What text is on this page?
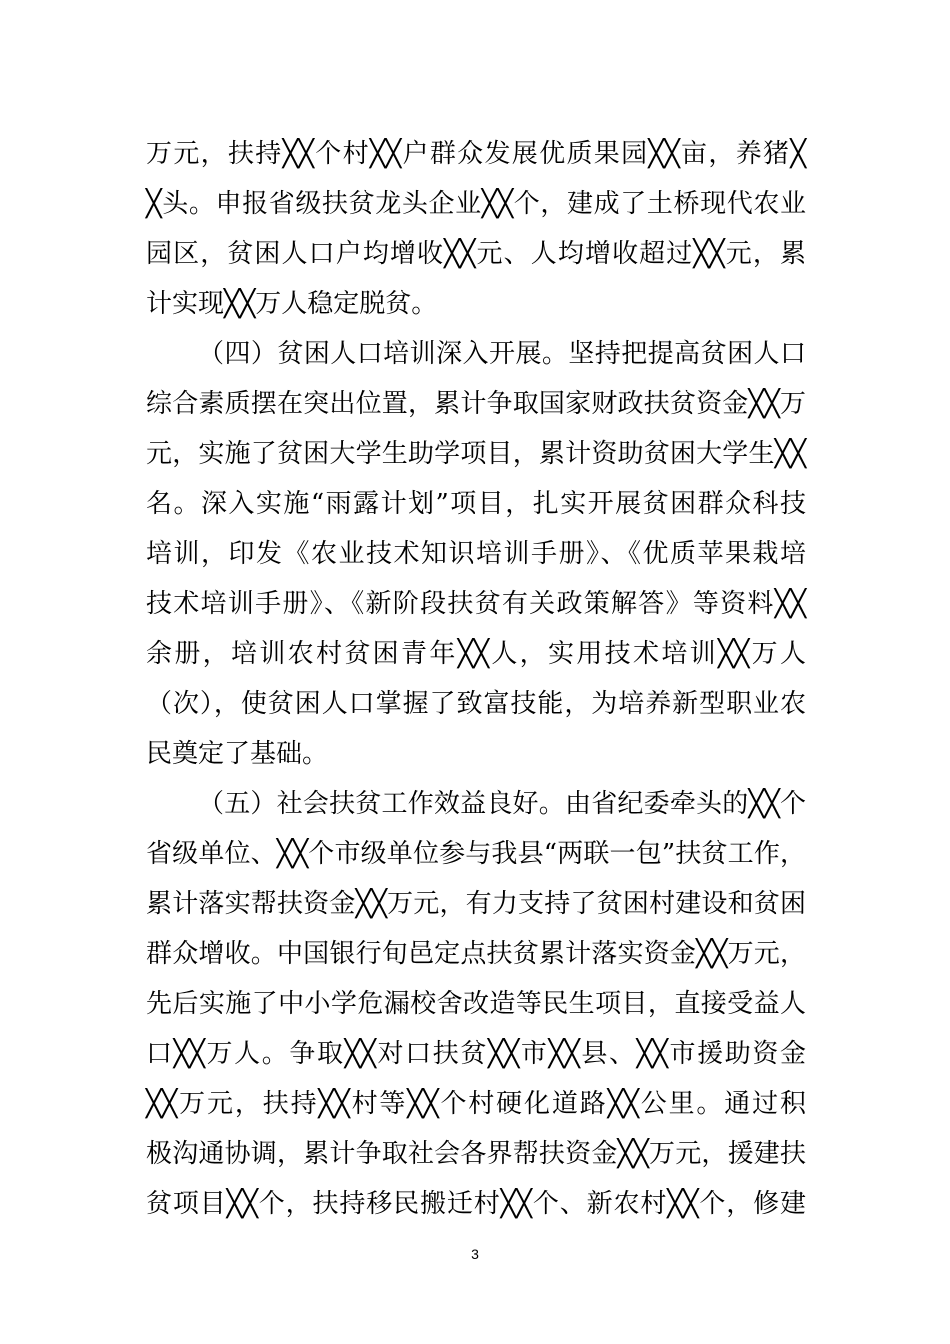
万元，扶持╳╳个村╳╳户群众发展优质果园╳╳亩，养猪╳
╳头。申报省级扶贫龙头企业╳╳个，建成了土桥现代农业
园区，贫困人口户均增收╳╳元、人均增收超过╳╳元，累
计实现╳╳万人稳定脱贫。
（四）贫困人口培训深入开展。坚持把提高贫困人口
综合素质摆在突出位置，累计争取国家财政扶贫资金╳╳万
元，实施了贫困大学生助学项目，累计资助贫困大学生╳╳
名。深入实施“雨露计划”项目，扎实开展贫困群众科技
培训，印发《农业技术知识培训手册》、《优质苹果栽培
技术培训手册》、《新阶段扶贫有关政策解答》等资料╳╳
余册，培训农村贫困青年╳╳人，实用技术培训╳╳万人
（次），使贫困人口掌握了致富技能，为培养新型职业农
民奠定了基础。
（五）社会扶贫工作效益良好。由省纪委牵头的╳╳个
省级单位、╳╳个市级单位参与我县“两联一包”扶贫工作，
累计落实帮扶资金╳╳万元，有力支持了贫困村建设和贫困
群众增收。中国银行旬邑定点扶贫累计落实资金╳╳万元，
先后实施了中小学危漏校舍改造等民生项目，直接受益人
口╳╳万人。争取╳╳对口扶贫╳╳市╳╳县、╳╳市援助资金
╳╳万元，扶持╳╳村等╳╳个村硬化道路╳╳公里。通过积
极沟通协调，累计争取社会各界帮扶资金╳╳万元，援建扶
贫项目╳╳个，扶持移民搬迁村╳╳个、新农村╳╳个，修建
3
